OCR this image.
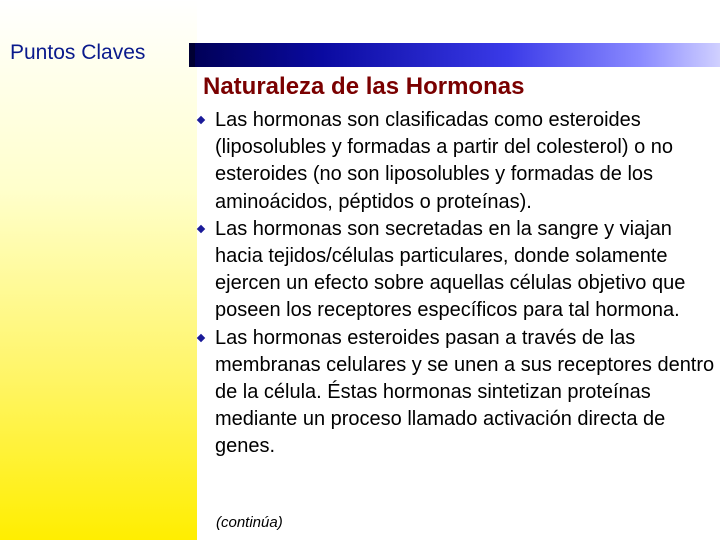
Puntos Claves
Naturaleza de las Hormonas
Las hormonas son clasificadas como esteroides (liposolubles y formadas a partir del colesterol) o no esteroides (no son liposolubles y formadas de los aminoácidos, péptidos o proteínas).
Las hormonas son secretadas en la sangre y viajan hacia tejidos/células particulares, donde solamente ejercen un efecto sobre aquellas células objetivo que poseen los receptores específicos para tal hormona.
Las hormonas esteroides pasan a través de las membranas celulares y se unen a sus receptores dentro de la célula. Éstas hormonas sintetizan proteínas mediante un proceso llamado activación directa de genes.
(continúa)
